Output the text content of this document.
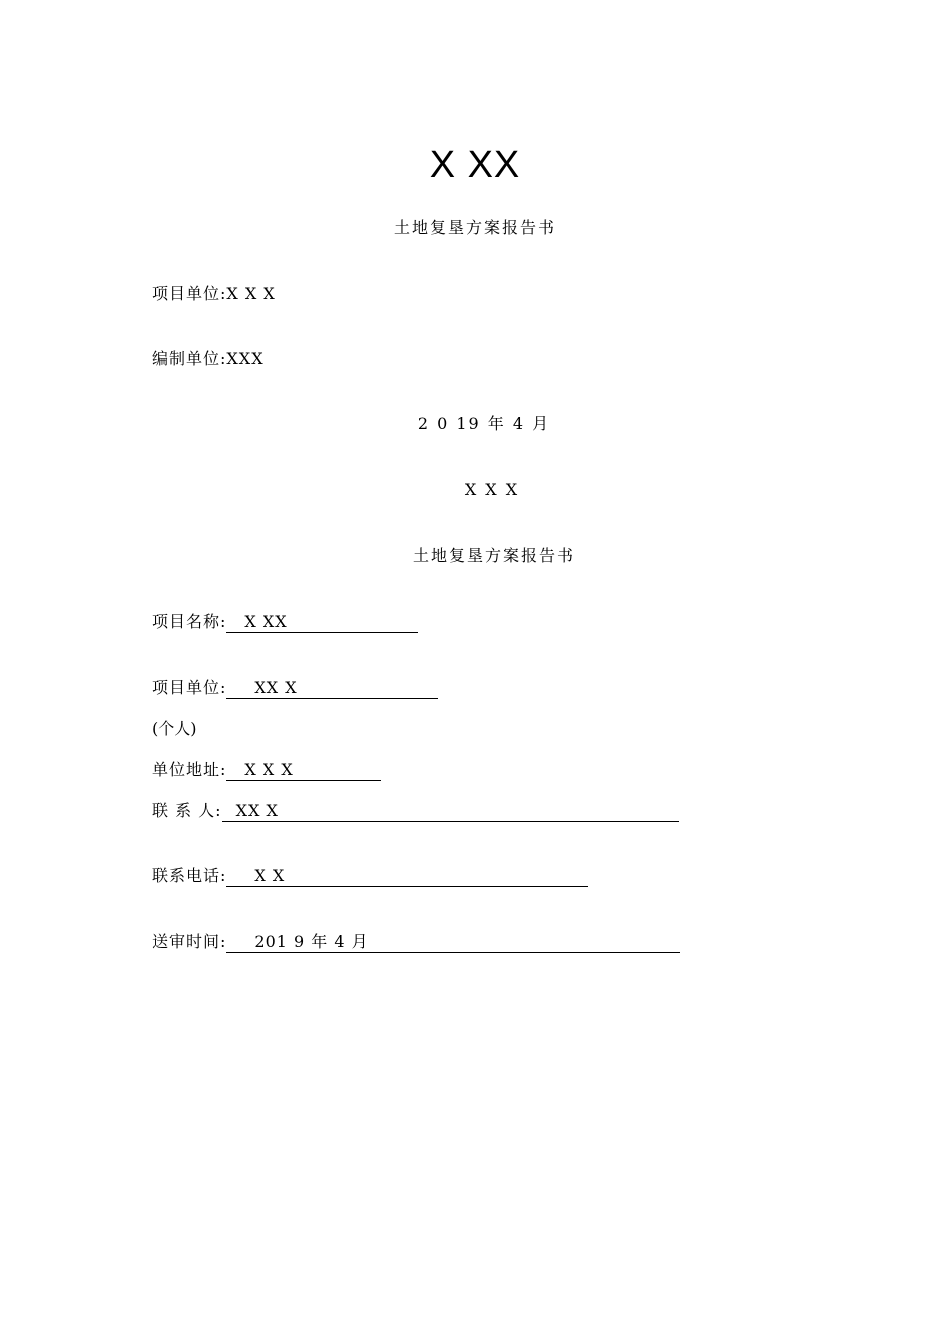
X XX
土地复垦方案报告书
项目单位:X X X
编制单位:XXX
2 0 19 年 4 月
X X X
土地复垦方案报告书
项目名称: X XX
项目单位: XX X
(个人)
单位地址: X X X
联 系 人: XX X
联系电话: X X
送审时间: 201 9 年 4 月
